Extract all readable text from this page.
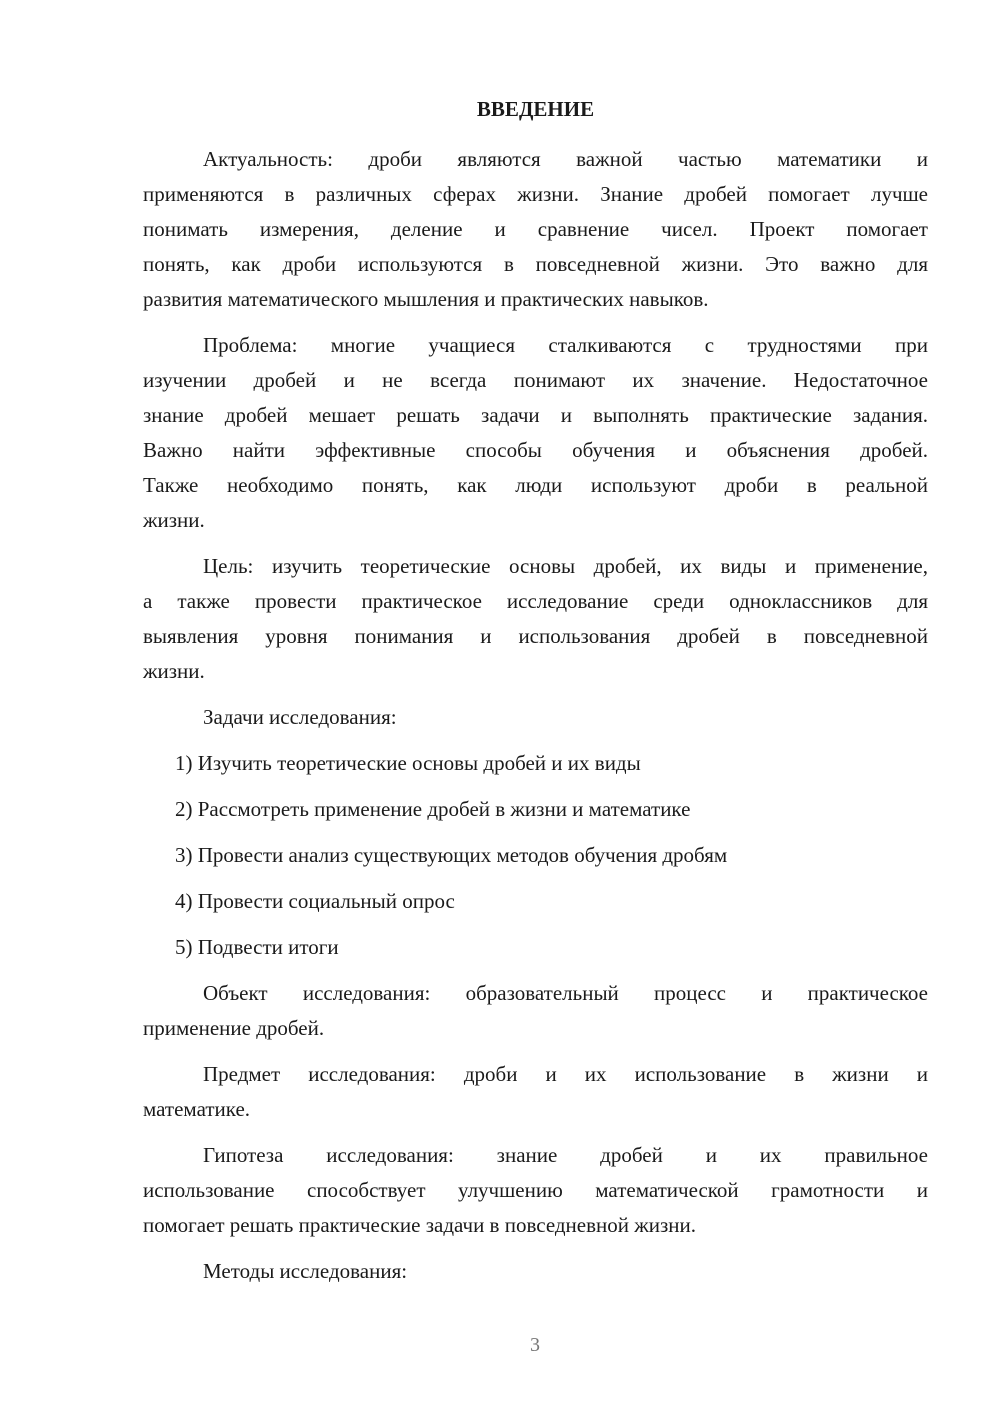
ВВЕДЕНИЕ
Актуальность: дроби являются важной частью математики и
применяются в различных сферах жизни. Знание дробей помогает лучше
понимать измерения, деление и сравнение чисел. Проект помогает
понять, как дроби используются в повседневной жизни. Это важно для
развития математического мышления и практических навыков.
Проблема: многие учащиеся сталкиваются с трудностями при
изучении дробей и не всегда понимают их значение. Недостаточное
знание дробей мешает решать задачи и выполнять практические задания.
Важно найти эффективные способы обучения и объяснения дробей.
Также необходимо понять, как люди используют дроби в реальной
жизни.
Цель: изучить теоретические основы дробей, их виды и применение,
а также провести практическое исследование среди одноклассников для
выявления уровня понимания и использования дробей в повседневной
жизни.
Задачи исследования:
1) Изучить теоретические основы дробей и их виды
2) Рассмотреть применение дробей в жизни и математике
3) Провести анализ существующих методов обучения дробям
4) Провести социальный опрос
5) Подвести итоги
Объект исследования: образовательный процесс и практическое
применение дробей.
Предмет исследования: дроби и их использование в жизни и
математике.
Гипотеза исследования: знание дробей и их правильное
использование способствует улучшению математической грамотности и
помогает решать практические задачи в повседневной жизни.
Методы исследования:
3
